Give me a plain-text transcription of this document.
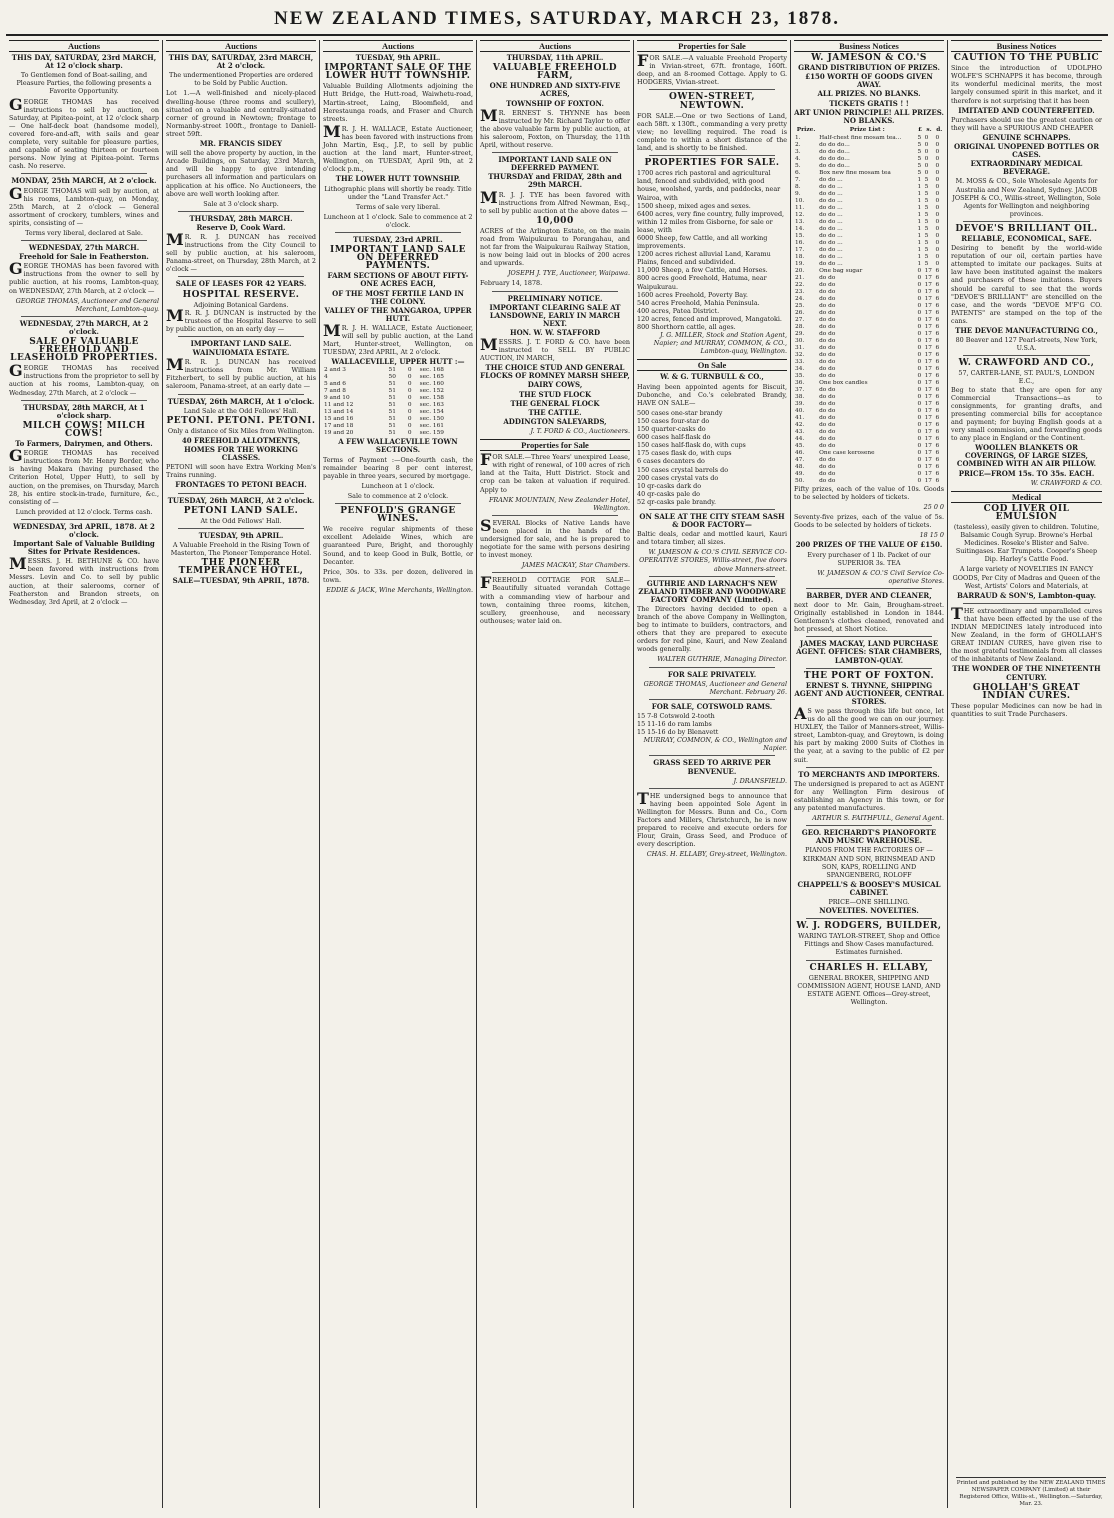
NEW ZEALAND TIMES, SATURDAY, MARCH 23, 1878.
Auctions
THIS DAY, SATURDAY, 23rd MARCH, At 12 o'clock sharp.

To Gentlemen fond of Boat-sailing, and Pleasure Parties, the following presents a Favorite Opportunity.

GEORGE THOMAS has received instructions to sell by auction, on Saturday, at Pipitea-point, at 12 o'clock sharp — One half-deck boat (handsome model), covered fore-and-aft, with sails and gear complete, very suitable for pleasure parties, and capable of seating thirteen or fourteen persons. Now lying at Pipitea-point. Terms cash. No reserve.

MONDAY, 25th MARCH, At 2 o'clock.

GEORGE THOMAS will sell by auction, at his rooms, Lambton-quay, on Monday, 25th March, at 2 o'clock — General assortment of crockery, tumblers, wines and spirits, consisting of —

Terms very liberal, declared at Sale.

WEDNESDAY, 27th MARCH.
Freehold for Sale in Featherston.

GEORGE THOMAS has been favored with instructions from the owner to sell by public auction, at his rooms, Lambton-quay, on WEDNESDAY, 27th March, at 2 o'clock —

GEORGE THOMAS, Auctioneer and General Merchant, Lambton-quay.

WEDNESDAY, 27th MARCH, At 2 o'clock.
SALE OF VALUABLE FREEHOLD AND LEASEHOLD PROPERTIES.

GEORGE THOMAS has received instructions from the proprietor to sell by auction at his rooms, Lambton-quay, on Wednesday, 27th March, at 2 o'clock —

THURSDAY, 28th MARCH, At 1 o'clock sharp.
MILCH COWS! MILCH COWS!
To Farmers, Dairymen, and Others.

GEORGE THOMAS has received instructions from Mr. Henry Border, who is having Makara (having purchased the Criterion Hotel, Upper Hutt), to sell by auction, on the premises, on Thursday, March 28, his entire stock-in-trade, furniture, &c., consisting of —

Lunch provided at 12 o'clock. Terms cash.

WEDNESDAY, 3rd APRIL, 1878. At 2 o'clock.
Important Sale of Valuable Building Sites for Private Residences.

MESSRS. J. H. BETHUNE & CO. have been favored with instructions from Messrs. Levin and Co. to sell by public auction, at their salerooms, corner of Featherston and Brandon streets, on Wednesday, 3rd April, at 2 o'clock —

Auctions
THIS DAY, SATURDAY, 23rd MARCH, At 2 o'clock.

The undermentioned Properties are ordered to be Sold by Public Auction.

Lot 1.—A well-finished and nicely-placed dwelling-house (three rooms and scullery), situated on a valuable and centrally-situated corner of ground in Newtown; frontage to Normanby-street 100ft., frontage to Daniell-street 59ft.

MR. FRANCIS SIDEY

will sell the above property by auction, in the Arcade Buildings, on Saturday, 23rd March, and will be happy to give intending purchasers all information and particulars on application at his office. No Auctioneers, the above are well worth looking after.

Sale at 3 o'clock sharp.

THURSDAY, 28th MARCH.
Reserve D, Cook Ward.

MR. R. J. DUNCAN has received instructions from the City Council to sell by public auction, at his saleroom, Panama-street, on Thursday, 28th March, at 2 o'clock —

SALE OF LEASES FOR 42 YEARS.
HOSPITAL RESERVE.
Adjoining Botanical Gardens.

MR. R. J. DUNCAN is instructed by the trustees of the Hospital Reserve to sell by public auction, on an early day —

IMPORTANT LAND SALE.
WAINUIOMATA ESTATE.

MR. R. J. DUNCAN has received instructions from Mr. William Fitzherbert, to sell by public auction, at his saleroom, Panama-street, at an early date —

TUESDAY, 26th MARCH, At 1 o'clock.
Land Sale at the Odd Fellows' Hall.
PETONI. PETONI. PETONI.

Only a distance of Six Miles from Wellington.

40 FREEHOLD ALLOTMENTS,
HOMES FOR THE WORKING CLASSES.

PETONI will soon have Extra Working Men's Trains running.

FRONTAGES TO PETONI BEACH.
TUESDAY, 26th MARCH, At 2 o'clock.
PETONI LAND SALE.
At the Odd Fellows' Hall.
TUESDAY, 9th APRIL.

A Valuable Freehold in the Rising Town of Masterton, The Pioneer Temperance Hotel.

THE PIONEER TEMPERANCE HOTEL,
SALE—TUESDAY, 9th APRIL, 1878.
Auctions
TUESDAY, 9th APRIL.
IMPORTANT SALE OF THE LOWER HUTT TOWNSHIP.

Valuable Building Allotments adjoining the Hutt Bridge, the Hutt-road, Waiwhetu-road, Martin-street, Laing, Bloomfield, and Herestaunga roads, and Fraser and Church streets.

MR. J. H. WALLACE, Estate Auctioneer, has been favored with instructions from John Martin, Esq., J.P., to sell by public auction at the land mart, Hunter-street, Wellington, on TUESDAY, April 9th, at 2 o'clock p.m.,

THE LOWER HUTT TOWNSHIP.

Lithographic plans will shortly be ready. Title under the "Land Transfer Act."

Terms of sale very liberal.

Luncheon at 1 o'clock. Sale to commence at 2 o'clock.

TUESDAY, 23rd APRIL.
IMPORTANT LAND SALE ON DEFERRED PAYMENTS.
FARM SECTIONS OF ABOUT FIFTY-ONE ACRES EACH,
OF THE MOST FERTILE LAND IN THE COLONY.
VALLEY OF THE MANGAROA, UPPER HUTT.

MR. J. H. WALLACE, Estate Auctioneer, will sell by public auction, at the Land Mart, Hunter-street, Wellington, on TUESDAY, 23rd APRIL, At 2 o'clock.

WALLACEVILLE, UPPER HUTT :—
2 and 3	51	0	sec. 168
4	50	0	sec. 165
5 and 6	51	0	sec. 160
7 and 8	51	0	sec. 152
9 and 10	51	0	sec. 158
11 and 12	51	0	sec. 163
13 and 14	51	0	sec. 154
15 and 16	51	0	sec. 150
17 and 18	51	0	sec. 161
19 and 20	51	0	sec. 159
A FEW WALLACEVILLE TOWN SECTIONS.

Terms of Payment :—One-fourth cash, the remainder bearing 8 per cent interest, payable in three years, secured by mortgage.

Luncheon at 1 o'clock.

Sale to commence at 2 o'clock.

PENFOLD'S GRANGE WINES.

We receive regular shipments of these excellent Adelaide Wines, which are guaranteed Pure, Bright, and thoroughly Sound, and to keep Good in Bulk, Bottle, or Decanter.

Price, 30s. to 33s. per dozen, delivered in town.

EDDIE & JACK, Wine Merchants, Wellington.

Auctions
THURSDAY, 11th APRIL.
VALUABLE FREEHOLD FARM,
ONE HUNDRED AND SIXTY-FIVE ACRES,
TOWNSHIP OF FOXTON.

MR. ERNEST S. THYNNE has been instructed by Mr. Richard Taylor to offer the above valuable farm by public auction, at his saleroom, Foxton, on Thursday, the 11th April, without reserve.

IMPORTANT LAND SALE ON DEFERRED PAYMENT.
THURSDAY and FRIDAY, 28th and 29th MARCH.

MR. J. J. TYE has been favored with instructions from Alfred Newman, Esq., to sell by public auction at the above dates —

10,000

ACRES of the Arlington Estate, on the main road from Waipukurau to Porangahau, and not far from the Waipukurau Railway Station, is now being laid out in blocks of 200 acres and upwards.

JOSEPH J. TYE, Auctioneer, Waipawa.

February 14, 1878.

PRELIMINARY NOTICE.
IMPORTANT CLEARING SALE AT LANSDOWNE, EARLY IN MARCH NEXT.
HON. W. W. STAFFORD

MESSRS. J. T. FORD & CO. have been instructed to SELL BY PUBLIC AUCTION, IN MARCH,

THE CHOICE STUD AND GENERAL FLOCKS OF ROMNEY MARSH SHEEP,
DAIRY COWS,
THE STUD FLOCK
THE GENERAL FLOCK
THE CATTLE.
ADDINGTON SALEYARDS,

J. T. FORD & CO., Auctioneers.

Properties for Sale

FOR SALE.—Three Years' unexpired Lease, with right of renewal, of 100 acres of rich land at the Taita, Hutt District. Stock and crop can be taken at valuation if required. Apply to

FRANK MOUNTAIN, New Zealander Hotel, Wellington.

SEVERAL Blocks of Native Lands have been placed in the hands of the undersigned for sale, and he is prepared to negotiate for the same with persons desiring to invest money.

JAMES MACKAY, Star Chambers.

FREEHOLD COTTAGE FOR SALE—Beautifully situated verandah Cottage with a commanding view of harbour and town, containing three rooms, kitchen, scullery, greenhouse, and necessary outhouses; water laid on.

Properties for Sale

FOR SALE.—A valuable Freehold Property in Vivian-street, 67ft. frontage, 160ft. deep, and an 8-roomed Cottage. Apply to G. HODGERS, Vivian-street.

OWEN-STREET, NEWTOWN.

FOR SALE.—One or two Sections of Land, each 58ft. x 130ft., commanding a very pretty view; no levelling required. The road is complete to within a short distance of the land, and is shortly to be finished.

PROPERTIES FOR SALE.
1700 acres rich pastoral and agricultural land, fenced and subdivided, with good house, woolshed, yards, and paddocks, near Wairoa, with
1500 sheep, mixed ages and sexes.
6400 acres, very fine country, fully improved, within 12 miles from Gisborne, for sale or lease, with
6000 Sheep, few Cattle, and all working improvements.
1200 acres richest alluvial Land, Karamu Plains, fenced and subdivided.
11,000 Sheep, a few Cattle, and Horses.
800 acres good Freehold, Hatuma, near Waipukurau.
1600 acres Freehold, Poverty Bay.
540 acres Freehold, Mahia Peninsula.
400 acres, Patea District.
120 acres, fenced and improved, Mangatoki.
800 Shorthorn cattle, all ages.

J. G. MILLER, Stock and Station Agent, Napier; and MURRAY, COMMON, & CO., Lambton-quay, Wellington.

On Sale
W. & G. TURNBULL & CO.,

Having been appointed agents for Biscuit, Dubonche, and Co.'s celebrated Brandy, HAVE ON SALE—

500 cases one-star brandy
150 cases four-star do
150 quarter-casks do
600 cases half-flask do
150 cases half-flask do, with cups
175 cases flask do, with cups
6 cases decanters do
150 cases crystal barrels do
200 cases crystal vats do
10 qr-casks dark do
40 qr-casks pale do

52 qr-casks pale brandy.

ON SALE AT THE CITY STEAM SASH & DOOR FACTORY—

Baltic deals, cedar and mottled kauri, Kauri and totara timber, all sizes.

W. JAMESON & CO.'S CIVIL SERVICE CO-OPERATIVE STORES, Willis-street, five doors above Manners-street.

GUTHRIE AND LARNACH'S NEW ZEALAND TIMBER AND WOODWARE FACTORY COMPANY (Limited).

The Directors having decided to open a branch of the above Company in Wellington, beg to intimate to builders, contractors, and others that they are prepared to execute orders for red pine, Kauri, and New Zealand woods generally.

WALTER GUTHRIE, Managing Director.

FOR SALE PRIVATELY.

GEORGE THOMAS, Auctioneer and General Merchant. February 26.

FOR SALE, COTSWOLD RAMS.
15 7-8 Cotswold 2-tooth
15 11-16 do ram lambs
15 15-16 do by Blenavett

MURRAY, COMMON, & CO., Wellington and Napier.

GRASS SEED TO ARRIVE PER BENVENUE.

J. DRANSFIELD.

THE undersigned begs to announce that having been appointed Sole Agent in Wellington for Messrs. Bunn and Co., Corn Factors and Millers, Christchurch, he is now prepared to receive and execute orders for Flour, Grain, Grass Seed, and Produce of every description.

CHAS. H. ELLABY, Grey-street, Wellington.

Business Notices
W. JAMESON & CO.'S
GRAND DISTRIBUTION OF PRIZES.
£150 WORTH OF GOODS GIVEN AWAY.
ALL PRIZES. NO BLANKS.
TICKETS GRATIS ! !
ART UNION PRINCIPLE! ALL PRIZES. NO BLANKS.
Prize.	Prize List :	£	s.	d.
1.	Half-chest fine mosam tea...	5	0	0
2.	do do do...	5	0	0
3.	do do do...	5	0	0
4.	do do do...	5	0	0
5.	do do do...	5	0	0
6.	Box new fine mosam tea	5	0	0
7.	do do ...	1	5	0
8.	do do ...	1	5	0
9.	do do ...	1	5	0
10.	do do ...	1	5	0
11.	do do ...	1	5	0
12.	do do ...	1	5	0
13.	do do ...	1	5	0
14.	do do ...	1	5	0
15.	do do ...	1	5	0
16.	do do ...	1	5	0
17.	do do ...	1	5	0
18.	do do ...	1	5	0
19.	do do ...	1	5	0
20.	One bag sugar	0	17	6
21.	do do	0	17	6
22.	do do	0	17	6
23.	do do	0	17	6
24.	do do	0	17	6
25.	do do	0	17	6
26.	do do	0	17	6
27.	do do	0	17	6
28.	do do	0	17	6
29.	do do	0	17	6
30.	do do	0	17	6
31.	do do	0	17	6
32.	do do	0	17	6
33.	do do	0	17	6
34.	do do	0	17	6
35.	do do	0	17	6
36.	One box candles	0	17	6
37.	do do	0	17	6
38.	do do	0	17	6
39.	do do	0	17	6
40.	do do	0	17	6
41.	do do	0	17	6
42.	do do	0	17	6
43.	do do	0	17	6
44.	do do	0	17	6
45.	do do	0	17	6
46.	One case kerosene	0	17	6
47.	do do	0	17	6
48.	do do	0	17	6
49.	do do	0	17	6
50.	do do	0	17	6

Fifty prizes, each of the value of 10s. Goods to be selected by holders of tickets.

25 0 0

Seventy-five prizes, each of the value of 5s. Goods to be selected by holders of tickets.

18 15 0

200 PRIZES OF THE VALUE OF £150.

Every purchaser of 1 lb. Packet of our SUPERIOR 3s. TEA

W. JAMESON & CO.'S Civil Service Co-operative Stores.

BARBER, DYER AND CLEANER,

next door to Mr. Gain, Brougham-street. Originally established in London in 1844. Gentlemen's clothes cleaned, renovated and hot pressed, at Short Notice.

JAMES MACKAY, LAND PURCHASE AGENT. OFFICES: STAR CHAMBERS, LAMBTON-QUAY.
THE PORT OF FOXTON.
ERNEST S. THYNNE, SHIPPING AGENT AND AUCTIONEER, CENTRAL STORES.

AS we pass through this life but once, let us do all the good we can on our journey. HUXLEY, the Tailor of Manners-street, Willis-street, Lambton-quay, and Greytown, is doing his part by making 2000 Suits of Clothes in the year, at a saving to the public of £2 per suit.

TO MERCHANTS AND IMPORTERS.

The undersigned is prepared to act as AGENT for any Wellington Firm desirous of establishing an Agency in this town, or for any patented manufactures.

ARTHUR S. FAITHFULL, General Agent.

GEO. REICHARDT'S PIANOFORTE AND MUSIC WAREHOUSE.

PIANOS FROM THE FACTORIES OF — KIRKMAN AND SON, BRINSMEAD AND SON, KAPS, ROELLING AND SPANGENBERG, ROLOFF

CHAPPELL'S & BOOSEY'S MUSICAL CABINET.
PRICE—ONE SHILLING.
NOVELTIES. NOVELTIES.
W. J. RODGERS, BUILDER,

WARING TAYLOR-STREET, Shop and Office Fittings and Show Cases manufactured. Estimates furnished.

CHARLES H. ELLABY,

GENERAL BROKER, SHIPPING AND COMMISSION AGENT, HOUSE LAND, AND ESTATE AGENT. Offices—Grey-street, Wellington.

Business Notices
CAUTION TO THE PUBLIC

Since the introduction of UDOLPHO WOLFE'S SCHNAPPS it has become, through its wonderful medicinal merits, the most largely consumed spirit in this market, and it therefore is not surprising that it has been

IMITATED AND COUNTERFEITED.

Purchasers should use the greatest caution or they will have a SPURIOUS AND CHEAPER

GENUINE SCHNAPPS.
ORIGINAL UNOPENED BOTTLES OR CASES.
EXTRAORDINARY MEDICAL BEVERAGE.

M. MOSS & CO., Sole Wholesale Agents for Australia and New Zealand, Sydney. JACOB JOSEPH & CO., Willis-street, Wellington, Sole Agents for Wellington and neighboring provinces.

DEVOE'S BRILLIANT OIL.
RELIABLE, ECONOMICAL, SAFE.

Desiring to benefit by the world-wide reputation of our oil, certain parties have attempted to imitate our packages. Suits at law have been instituted against the makers and purchasers of these imitations. Buyers should be careful to see that the words "DEVOE'S BRILLIANT" are stencilled on the case, and the words "DEVOE M'F'G CO. PATENTS" are stamped on the top of the cans.

THE DEVOE MANUFACTURING CO.,
80 Beaver and 127 Pearl-streets, New York, U.S.A.
W. CRAWFORD AND CO.,
57, CARTER-LANE, ST. PAUL'S, LONDON E.C.,

Beg to state that they are open for any Commercial Transactions—as to consignments, for granting drafts, and presenting commercial bills for acceptance and payment; for buying English goods at a very small commission, and forwarding goods to any place in England or the Continent.

WOOLLEN BLANKETS OR COVERINGS, OF LARGE SIZES, COMBINED WITH AN AIR PILLOW.
PRICE—FROM 15s. TO 35s. EACH.

W. CRAWFORD & CO.

Medical
COD LIVER OIL EMULSION

(tasteless), easily given to children. Tolutine, Balsamic Cough Syrup. Browne's Herbal Medicines. Roseke's Blister and Salve. Suitingases. Ear Trumpets. Cooper's Sheep Dip. Harley's Cattle Food.

A large variety of NOVELTIES IN FANCY GOODS, Per City of Madras and Queen of the West, Artists' Colors and Materials, at

BARRAUD & SON'S, Lambton-quay.

THE extraordinary and unparalleled cures that have been effected by the use of the INDIAN MEDICINES lately introduced into New Zealand, in the form of GHOLLAH'S GREAT INDIAN CURES, have given rise to the most grateful testimonials from all classes of the inhabitants of New Zealand.

THE WONDER OF THE NINETEENTH CENTURY.
GHOLLAH'S GREAT INDIAN CURES.

These popular Medicines can now be had in quantities to suit Trade Purchasers.

Printed and published by the NEW ZEALAND TIMES NEWSPAPER COMPANY (Limited) at their Registered Office, Willis-st., Wellington.—Saturday, Mar. 23.
